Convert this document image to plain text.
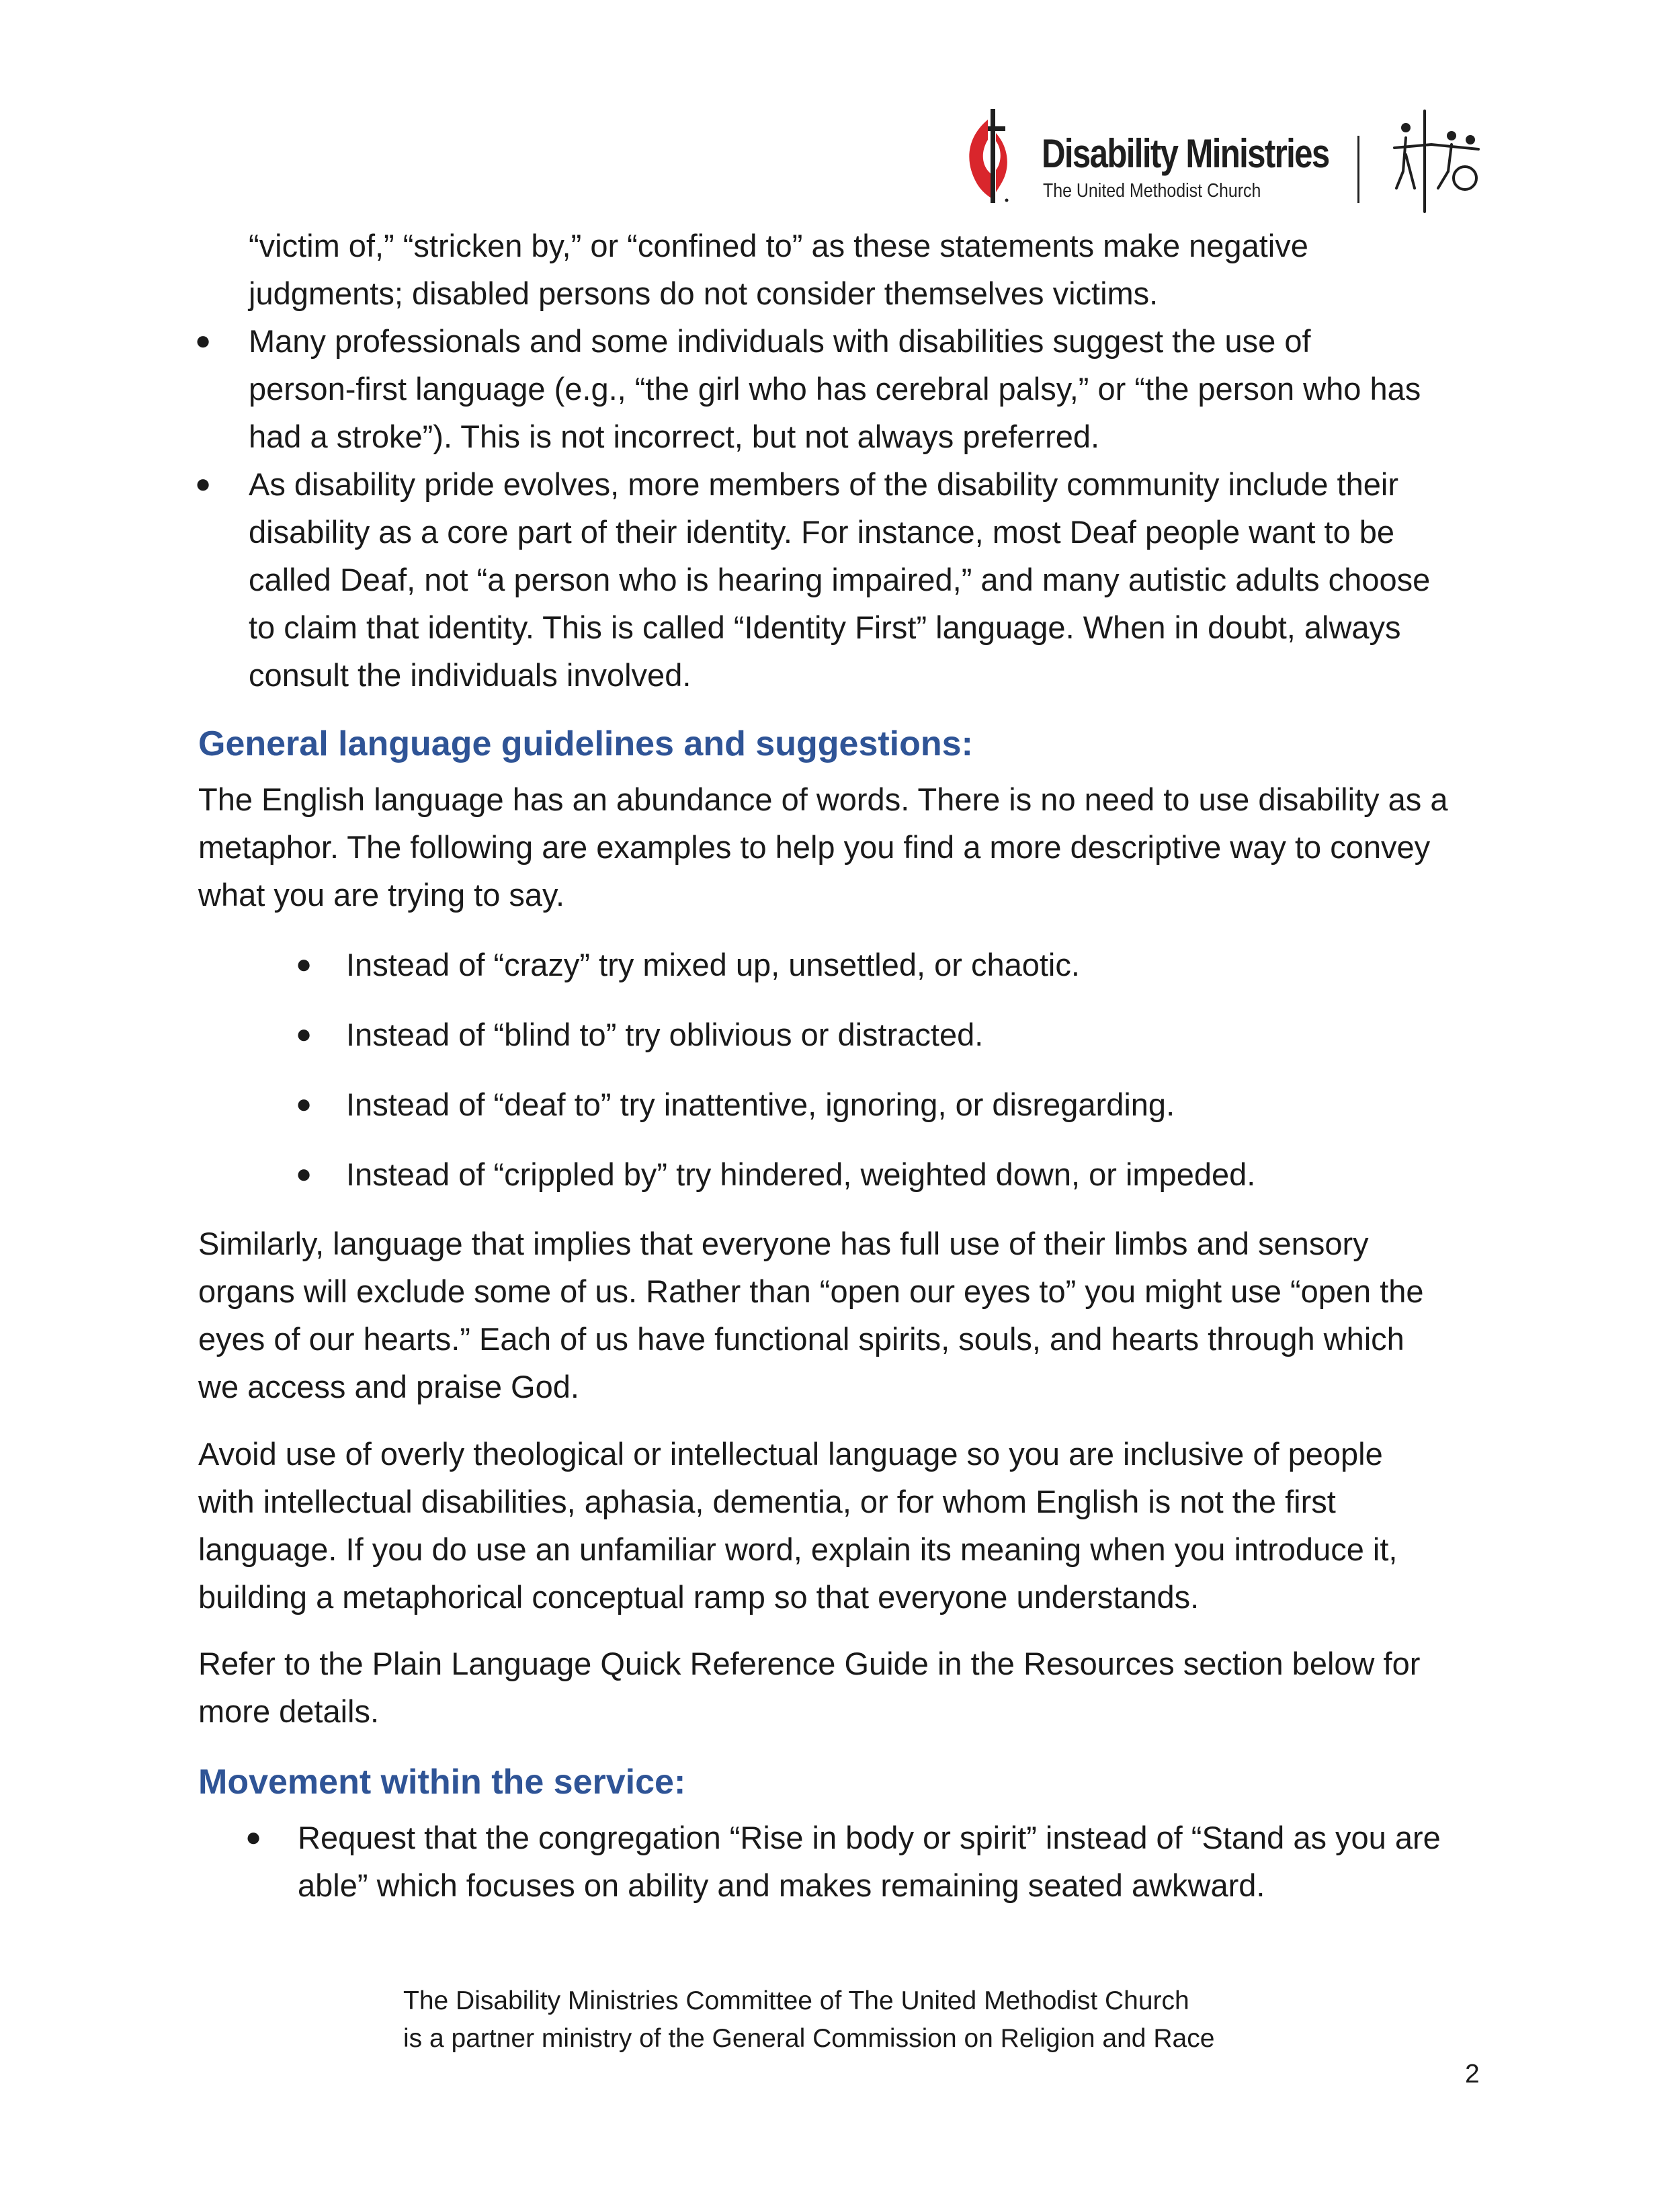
Disability Ministries
The United Methodist Church

“victim of,” “stricken by,” or “confined to” as these statements make negative

judgments; disabled persons do not consider themselves victims.

● Many professionals and some individuals with disabilities suggest the use of

person-first language (e.g., “the girl who has cerebral palsy,” or “the person who has

had a stroke”). This is not incorrect, but not always preferred.

● As disability pride evolves, more members of the disability community include their

disability as a core part of their identity. For instance, most Deaf people want to be

called Deaf, not “a person who is hearing impaired,” and many autistic adults choose

to claim that identity. This is called “Identity First” language. When in doubt, always

consult the individuals involved.

General language guidelines and suggestions:

The English language has an abundance of words. There is no need to use disability as a

metaphor. The following are examples to help you find a more descriptive way to convey

what you are trying to say.

● Instead of “crazy” try mixed up, unsettled, or chaotic.

● Instead of “blind to” try oblivious or distracted.

● Instead of “deaf to” try inattentive, ignoring, or disregarding.

● Instead of “crippled by” try hindered, weighted down, or impeded.

Similarly, language that implies that everyone has full use of their limbs and sensory

organs will exclude some of us. Rather than “open our eyes to” you might use “open the

eyes of our hearts.” Each of us have functional spirits, souls, and hearts through which

we access and praise God.

Avoid use of overly theological or intellectual language so you are inclusive of people

with intellectual disabilities, aphasia, dementia, or for whom English is not the first

language. If you do use an unfamiliar word, explain its meaning when you introduce it,

building a metaphorical conceptual ramp so that everyone understands.

Refer to the Plain Language Quick Reference Guide in the Resources section below for

more details.

Movement within the service:
● Request that the congregation “Rise in body or spirit” instead of “Stand as you are

able” which focuses on ability and makes remaining seated awkward.

The Disability Ministries Committee of The United Methodist Church
is a partner ministry of the General Commission on Religion and Race
2
